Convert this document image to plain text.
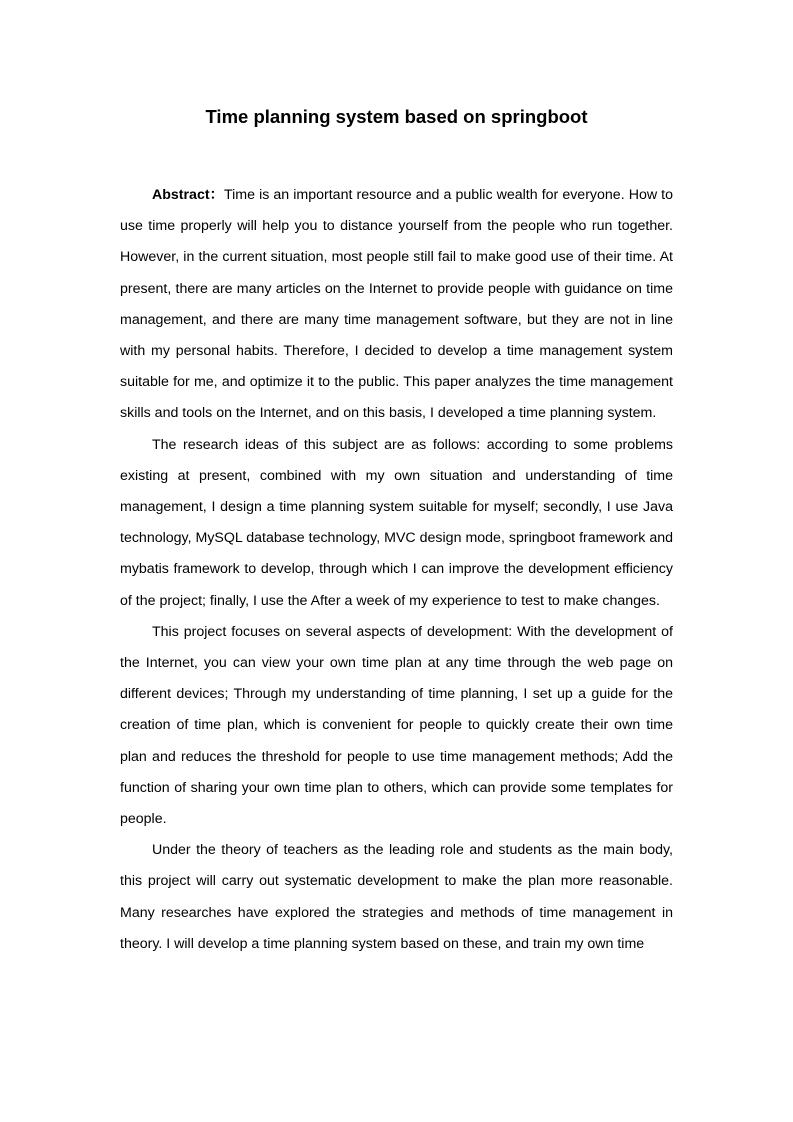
Time planning system based on springboot

Abstract：Time is an important resource and a public wealth for everyone. How to use time properly will help you to distance yourself from the people who run together. However, in the current situation, most people still fail to make good use of their time. At present, there are many articles on the Internet to provide people with guidance on time management, and there are many time management software, but they are not in line with my personal habits. Therefore, I decided to develop a time management system suitable for me, and optimize it to the public. This paper analyzes the time management skills and tools on the Internet, and on this basis, I developed a time planning system.

The research ideas of this subject are as follows: according to some problems existing at present, combined with my own situation and understanding of time management, I design a time planning system suitable for myself; secondly, I use Java technology, MySQL database technology, MVC design mode, springboot framework and mybatis framework to develop, through which I can improve the development efficiency of the project; finally, I use the After a week of my experience to test to make changes.

This project focuses on several aspects of development: With the development of the Internet, you can view your own time plan at any time through the web page on different devices; Through my understanding of time planning, I set up a guide for the creation of time plan, which is convenient for people to quickly create their own time plan and reduces the threshold for people to use time management methods; Add the function of sharing your own time plan to others, which can provide some templates for people.

Under the theory of teachers as the leading role and students as the main body, this project will carry out systematic development to make the plan more reasonable. Many researches have explored the strategies and methods of time management in theory. I will develop a time planning system based on these, and train my own time
